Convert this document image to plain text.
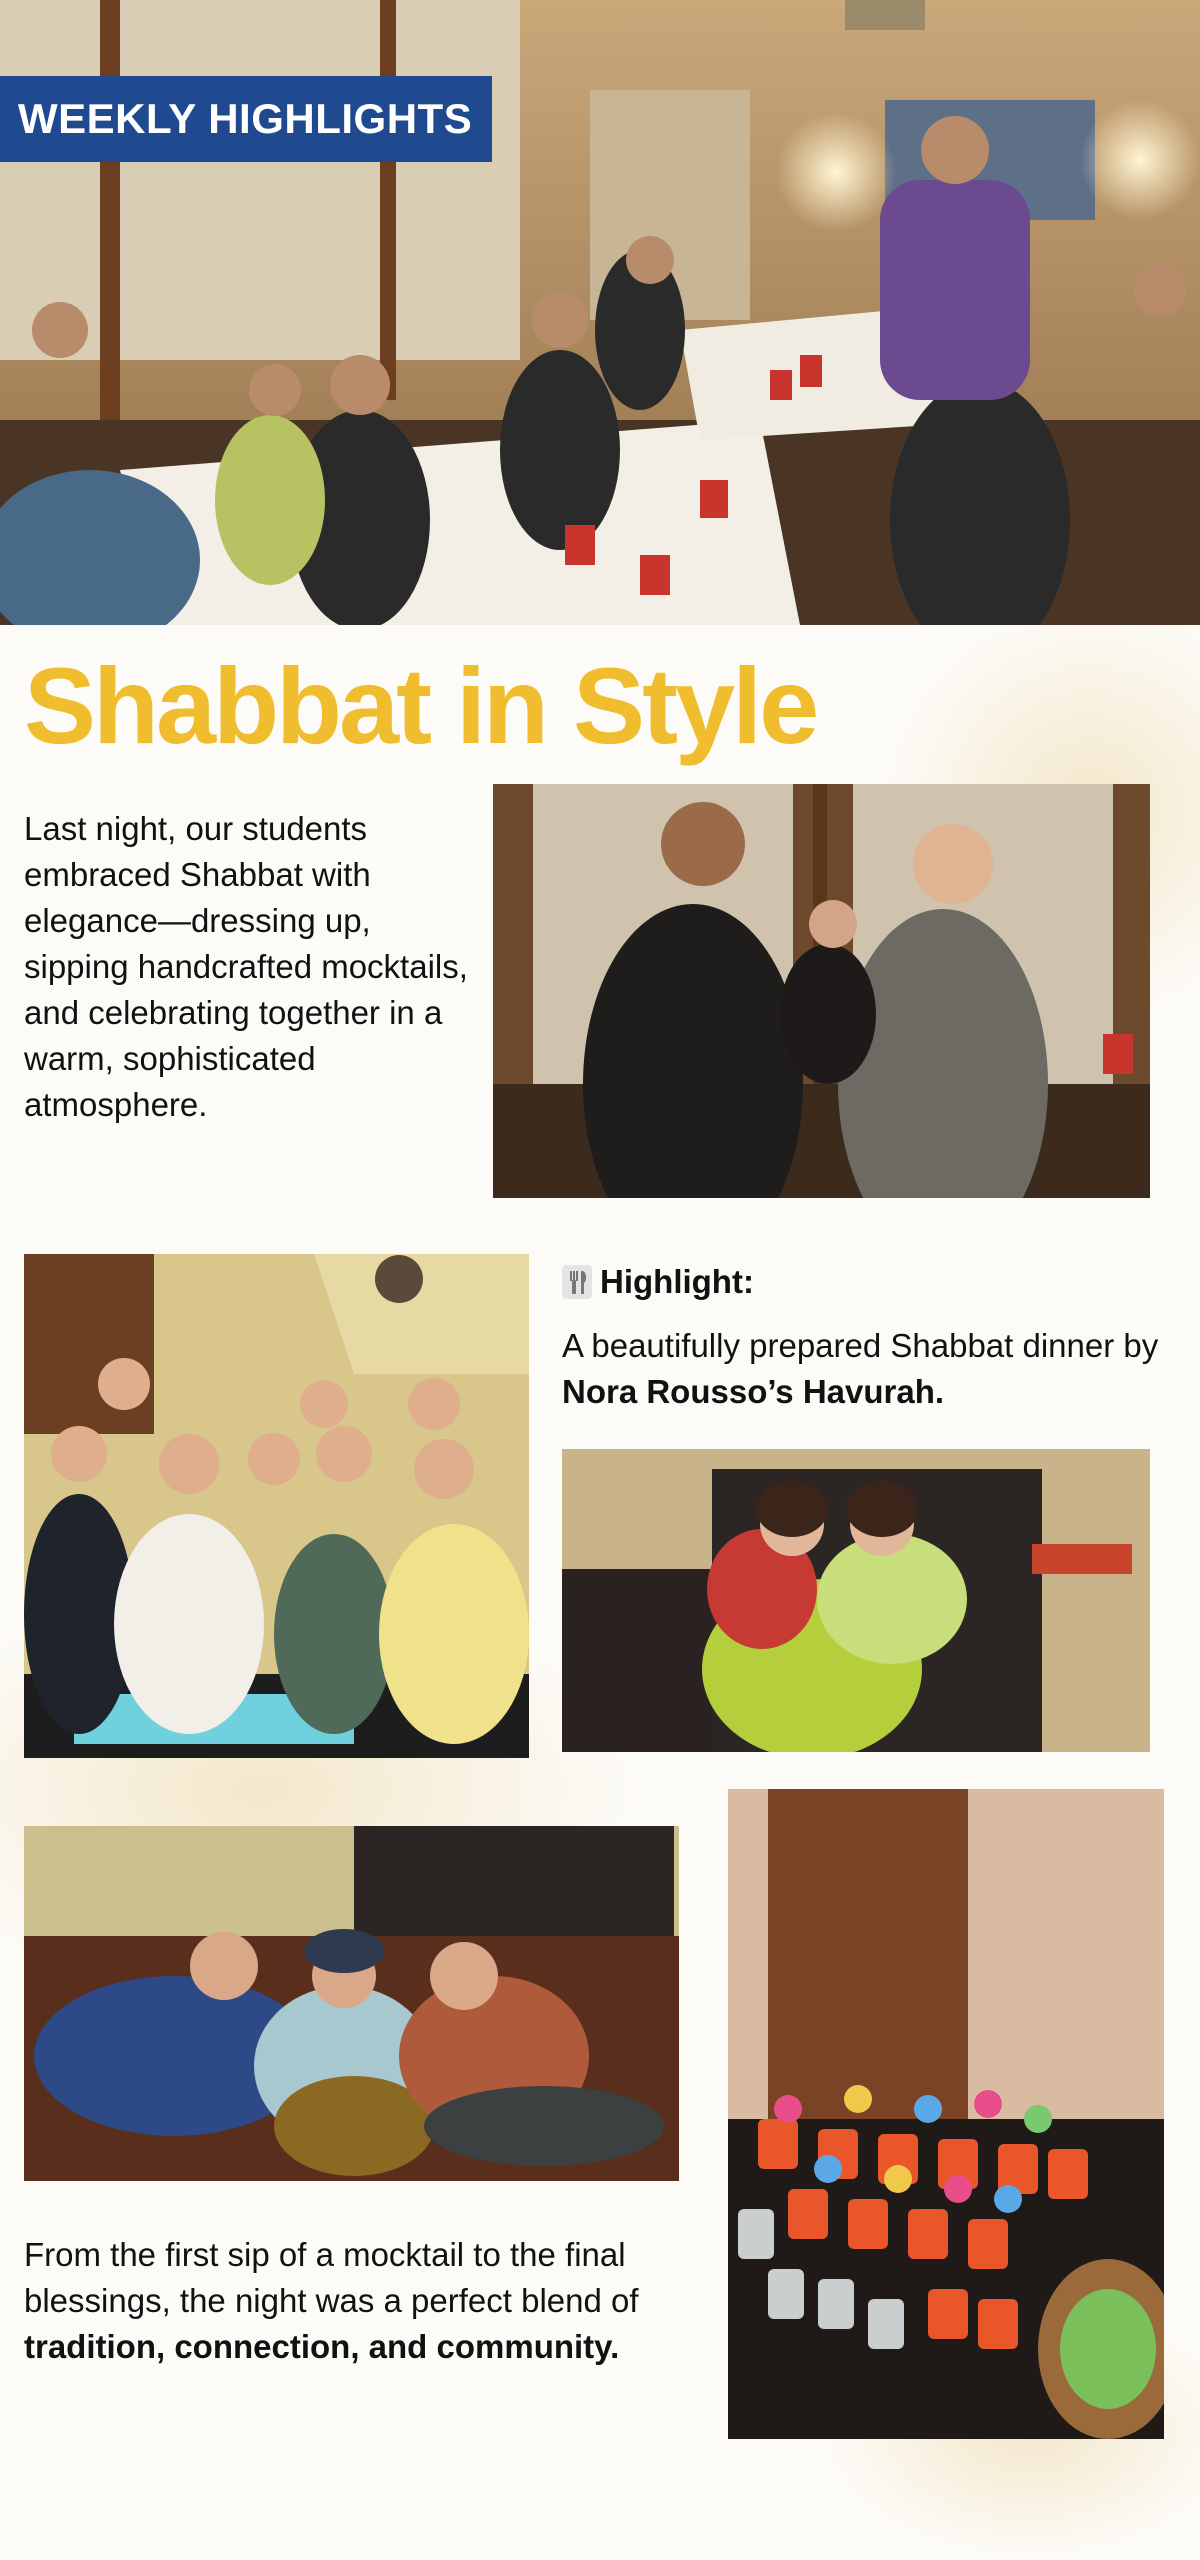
WEEKLY HIGHLIGHTS
Shabbat in Style
Last night, our students embraced Shabbat with elegance—dressing up, sipping handcrafted mocktails, and celebrating together in a warm, sophisticated atmosphere.
Highlight:
A beautifully prepared Shabbat dinner by Nora Rousso’s Havurah.
From the first sip of a mocktail to the final blessings, the night was a perfect blend of tradition, connection, and community.
